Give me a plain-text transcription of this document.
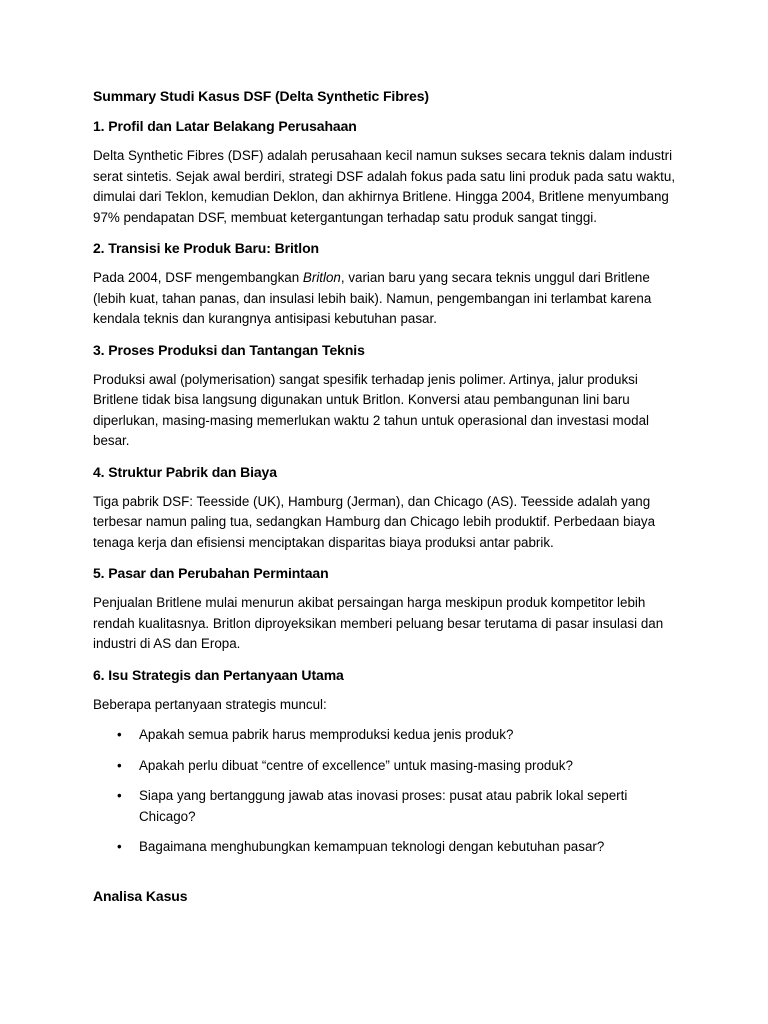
Summary Studi Kasus DSF (Delta Synthetic Fibres)
1. Profil dan Latar Belakang Perusahaan

Delta Synthetic Fibres (DSF) adalah perusahaan kecil namun sukses secara teknis dalam industri serat sintetis. Sejak awal berdiri, strategi DSF adalah fokus pada satu lini produk pada satu waktu, dimulai dari Teklon, kemudian Deklon, dan akhirnya Britlene. Hingga 2004, Britlene menyumbang 97% pendapatan DSF, membuat ketergantungan terhadap satu produk sangat tinggi.

2. Transisi ke Produk Baru: Britlon

Pada 2004, DSF mengembangkan Britlon, varian baru yang secara teknis unggul dari Britlene (lebih kuat, tahan panas, dan insulasi lebih baik). Namun, pengembangan ini terlambat karena kendala teknis dan kurangnya antisipasi kebutuhan pasar.

3. Proses Produksi dan Tantangan Teknis

Produksi awal (polymerisation) sangat spesifik terhadap jenis polimer. Artinya, jalur produksi Britlene tidak bisa langsung digunakan untuk Britlon. Konversi atau pembangunan lini baru diperlukan, masing-masing memerlukan waktu 2 tahun untuk operasional dan investasi modal besar.

4. Struktur Pabrik dan Biaya

Tiga pabrik DSF: Teesside (UK), Hamburg (Jerman), dan Chicago (AS). Teesside adalah yang terbesar namun paling tua, sedangkan Hamburg dan Chicago lebih produktif. Perbedaan biaya tenaga kerja dan efisiensi menciptakan disparitas biaya produksi antar pabrik.

5. Pasar dan Perubahan Permintaan

Penjualan Britlene mulai menurun akibat persaingan harga meskipun produk kompetitor lebih rendah kualitasnya. Britlon diproyeksikan memberi peluang besar terutama di pasar insulasi dan industri di AS dan Eropa.

6. Isu Strategis dan Pertanyaan Utama

Beberapa pertanyaan strategis muncul:

• Apakah semua pabrik harus memproduksi kedua jenis produk?
• Apakah perlu dibuat “centre of excellence” untuk masing-masing produk?
• Siapa yang bertanggung jawab atas inovasi proses: pusat atau pabrik lokal seperti Chicago?
• Bagaimana menghubungkan kemampuan teknologi dengan kebutuhan pasar?
Analisa Kasus
